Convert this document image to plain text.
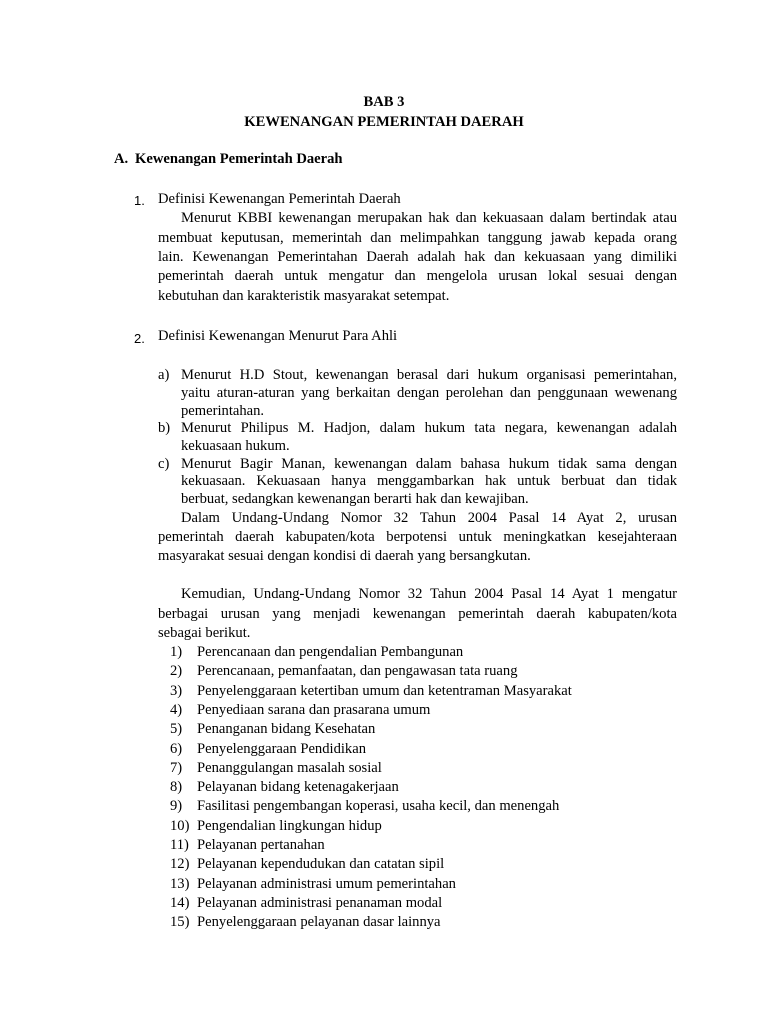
BAB 3
KEWENANGAN PEMERINTAH DAERAH
A. Kewenangan Pemerintah Daerah
1. Definisi Kewenangan Pemerintah Daerah
Menurut KBBI kewenangan merupakan hak dan kekuasaan dalam bertindak atau
membuat keputusan, memerintah dan melimpahkan tanggung jawab kepada orang
lain. Kewenangan Pemerintahan Daerah adalah hak dan kekuasaan yang dimiliki
pemerintah daerah untuk mengatur dan mengelola urusan lokal sesuai dengan
kebutuhan dan karakteristik masyarakat setempat.
2. Definisi Kewenangan Menurut Para Ahli
a) Menurut H.D Stout, kewenangan berasal dari hukum organisasi pemerintahan,
yaitu aturan-aturan yang berkaitan dengan perolehan dan penggunaan wewenang
pemerintahan.
b) Menurut Philipus M. Hadjon, dalam hukum tata negara, kewenangan adalah
kekuasaan hukum.
c) Menurut Bagir Manan, kewenangan dalam bahasa hukum tidak sama dengan
kekuasaan. Kekuasaan hanya menggambarkan hak untuk berbuat dan tidak
berbuat, sedangkan kewenangan berarti hak dan kewajiban.
Dalam Undang-Undang Nomor 32 Tahun 2004 Pasal 14 Ayat 2, urusan
pemerintah daerah kabupaten/kota berpotensi untuk meningkatkan kesejahteraan
masyarakat sesuai dengan kondisi di daerah yang bersangkutan.
Kemudian, Undang-Undang Nomor 32 Tahun 2004 Pasal 14 Ayat 1 mengatur
berbagai urusan yang menjadi kewenangan pemerintah daerah kabupaten/kota
sebagai berikut.
1)	Perencanaan dan pengendalian Pembangunan
2)	Perencanaan, pemanfaatan, dan pengawasan tata ruang
3)	Penyelenggaraan ketertiban umum dan ketentraman Masyarakat
4)	Penyediaan sarana dan prasarana umum
5)	Penanganan bidang Kesehatan
6)	Penyelenggaraan Pendidikan
7)	Penanggulangan masalah sosial
8)	Pelayanan bidang ketenagakerjaan
9)	Fasilitasi pengembangan koperasi, usaha kecil, dan menengah
10) Pengendalian lingkungan hidup
11) Pelayanan pertanahan
12) Pelayanan kependudukan dan catatan sipil
13) Pelayanan administrasi umum pemerintahan
14) Pelayanan administrasi penanaman modal
15) Penyelenggaraan pelayanan dasar lainnya
